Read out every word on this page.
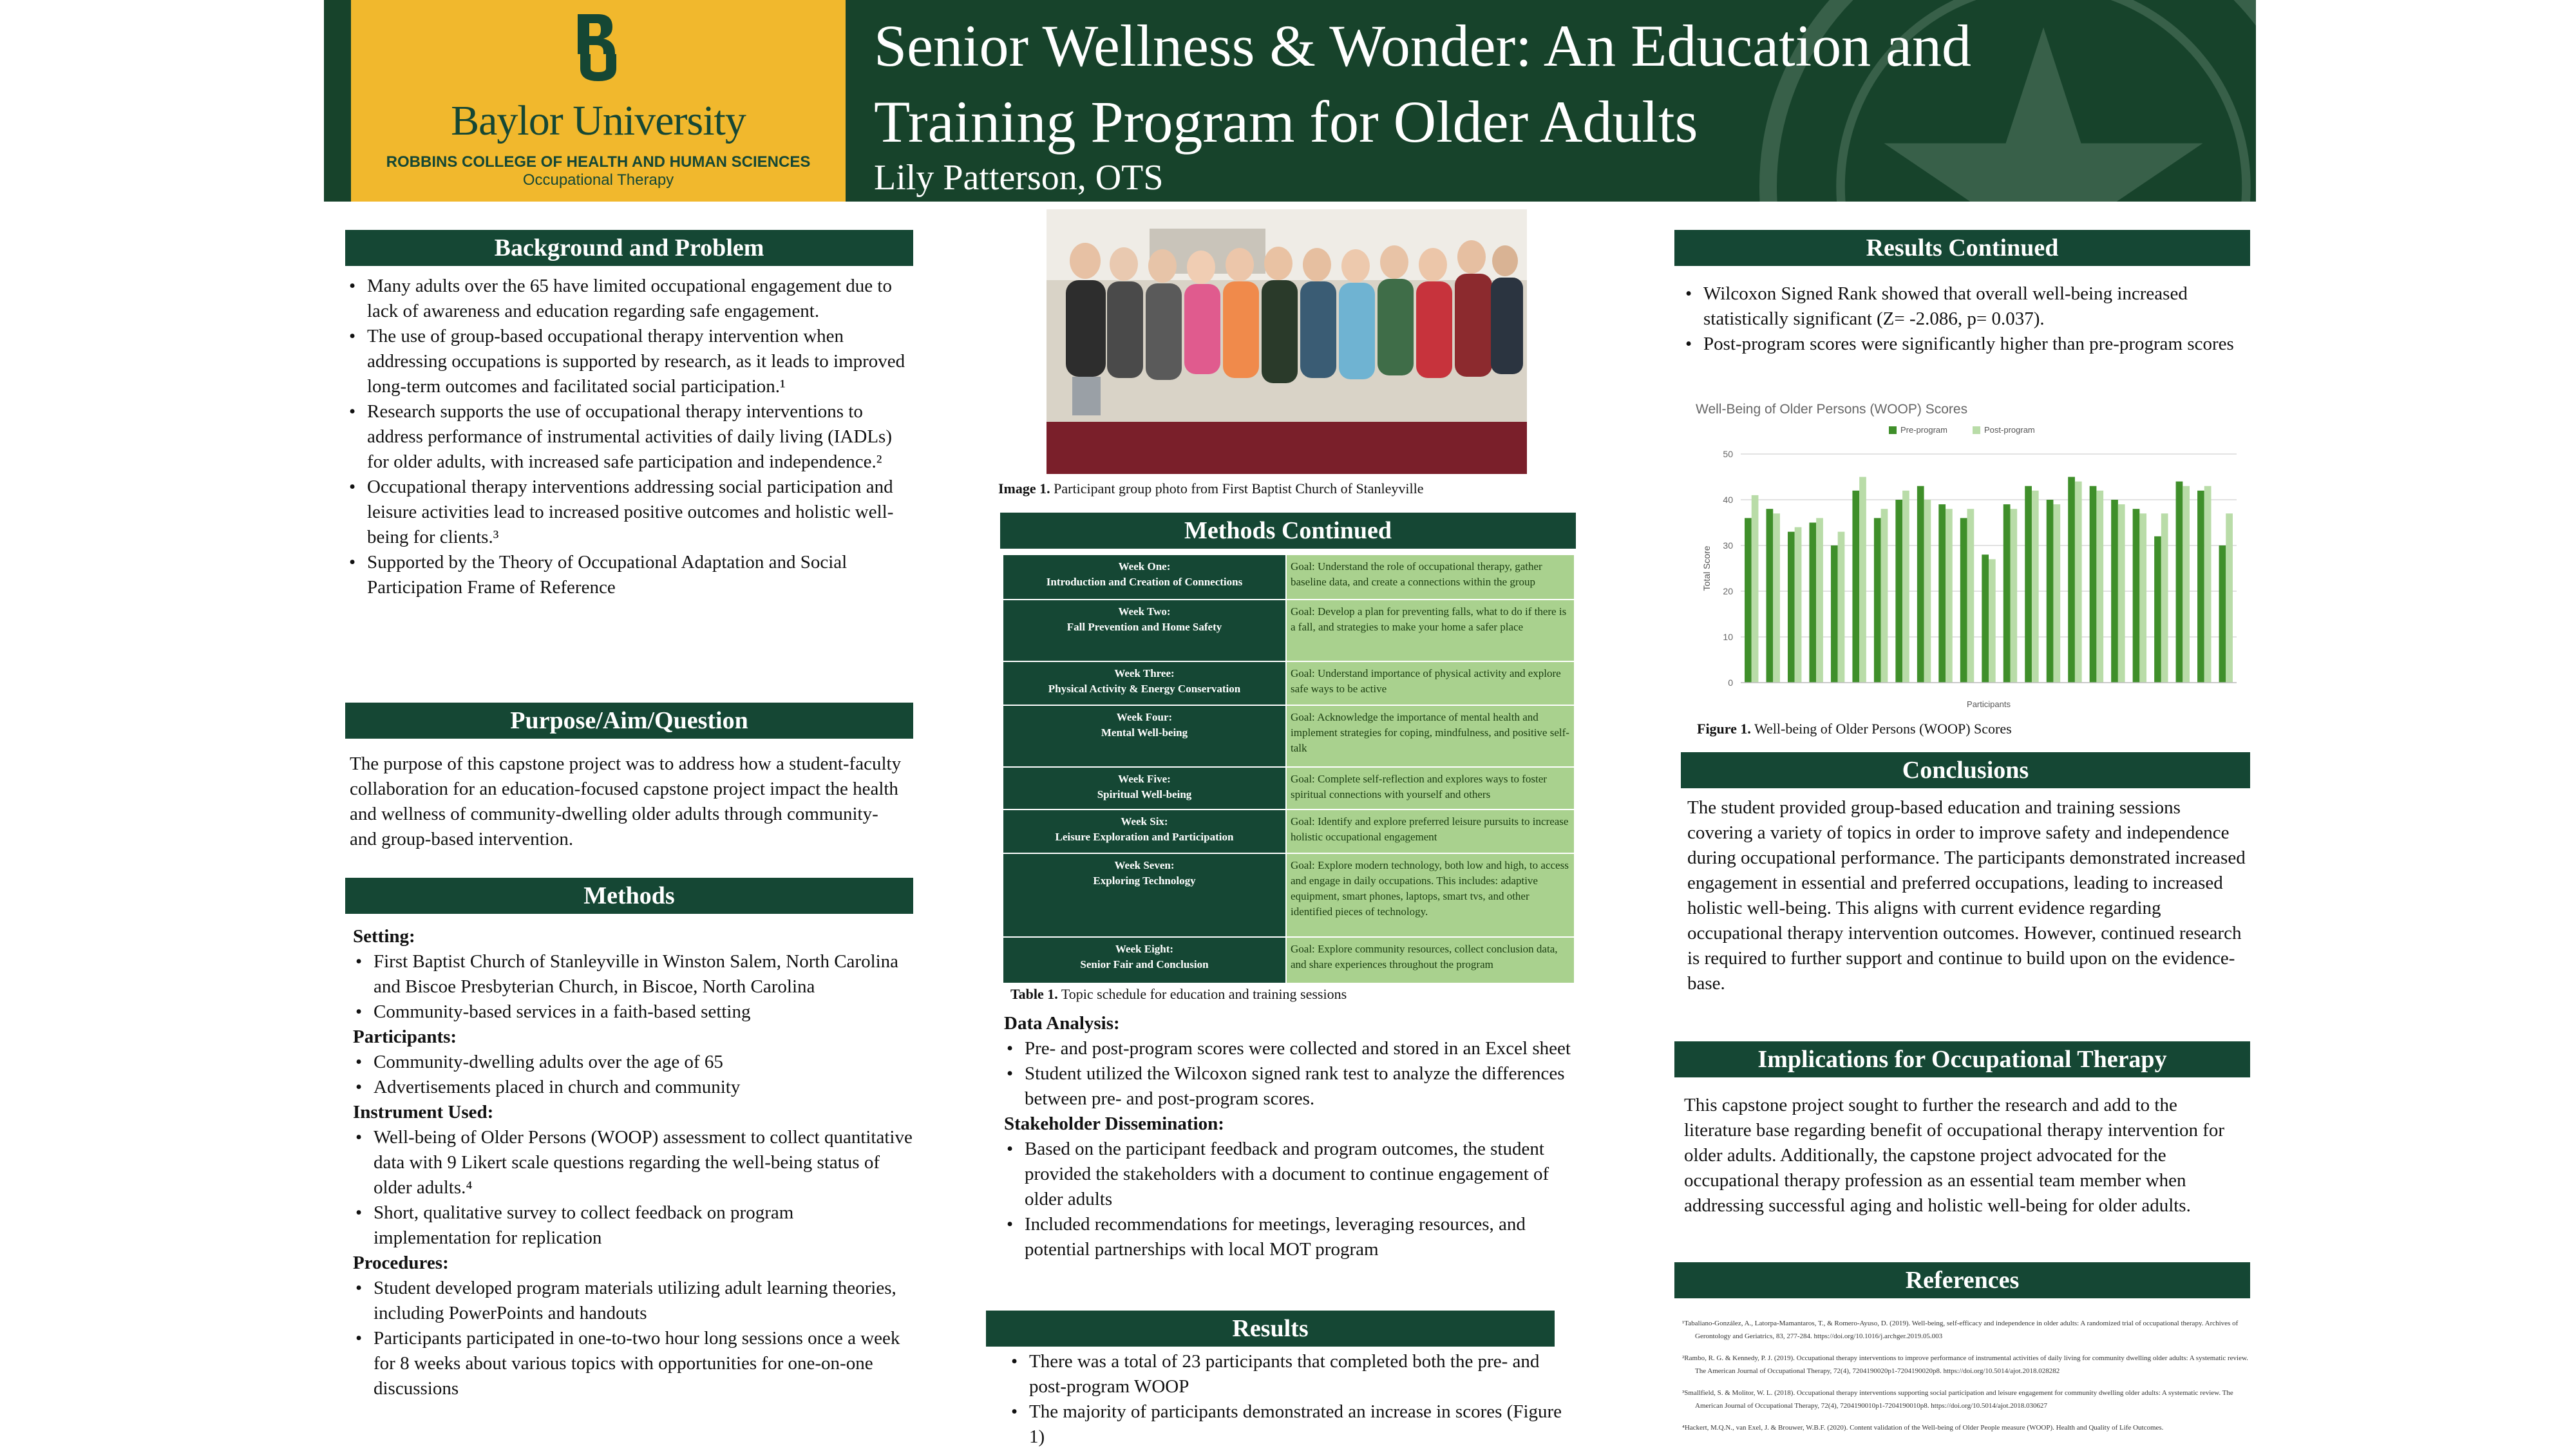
Baylor University
ROBBINS COLLEGE OF HEALTH AND HUMAN SCIENCES
Occupational Therapy
Senior Wellness & Wonder: An Education and
Training Program for Older Adults
Lily Patterson, OTS
Background and Problem
• Many adults over the 65 have limited occupational engagement due to lack of awareness and education regarding safe engagement.
• The use of group-based occupational therapy intervention when addressing occupations is supported by research, as it leads to improved long-term outcomes and facilitated social participation.¹
• Research supports the use of occupational therapy interventions to address performance of instrumental activities of daily living (IADLs) for older adults, with increased safe participation and independence.²
• Occupational therapy interventions addressing social participation and leisure activities lead to increased positive outcomes and holistic well-being for clients.³
• Supported by the Theory of Occupational Adaptation and Social Participation Frame of Reference
Purpose/Aim/Question
The purpose of this capstone project was to address how a student-faculty collaboration for an education-focused capstone project impact the health and wellness of community-dwelling older adults through community- and group-based intervention.
Methods
Setting:
• First Baptist Church of Stanleyville in Winston Salem, North Carolina and Biscoe Presbyterian Church, in Biscoe, North Carolina
• Community-based services in a faith-based setting
Participants:
• Community-dwelling adults over the age of 65
• Advertisements placed in church and community
Instrument Used:
• Well-being of Older Persons (WOOP) assessment to collect quantitative data with 9 Likert scale questions regarding the well-being status of older adults.⁴
• Short, qualitative survey to collect feedback on program implementation for replication
Procedures:
• Student developed program materials utilizing adult learning theories, including PowerPoints and handouts
• Participants participated in one-to-two hour long sessions once a week for 8 weeks about various topics with opportunities for one-on-one discussions
Image 1. Participant group photo from First Baptist Church of Stanleyville
Methods Continued
Week One:
Introduction and Creation of Connections	Goal: Understand the role of occupational therapy, gather baseline data, and create a connections within the group

Week Two:
Fall Prevention and Home Safety	Goal: Develop a plan for preventing falls, what to do if there is a fall, and strategies to make your home a safer place

Week Three:
Physical Activity & Energy Conservation	Goal: Understand importance of physical activity and explore safe ways to be active

Week Four:
Mental Well-being	Goal: Acknowledge the importance of mental health and implement strategies for coping, mindfulness, and positive self-talk

Week Five:
Spiritual Well-being	Goal: Complete self-reflection and explores ways to foster spiritual connections with yourself and others

Week Six:
Leisure Exploration and Participation	Goal: Identify and explore preferred leisure pursuits to increase holistic occupational engagement

Week Seven:
Exploring Technology	Goal: Explore modern technology, both low and high, to access and engage in daily occupations. This includes: adaptive equipment, smart phones, laptops, smart tvs, and other identified pieces of technology.

Week Eight:
Senior Fair and Conclusion	Goal: Explore community resources, collect conclusion data, and share experiences throughout the program
Table 1. Topic schedule for education and training sessions
Data Analysis:
• Pre- and post-program scores were collected and stored in an Excel sheet
• Student utilized the Wilcoxon signed rank test to analyze the differences between pre- and post-program scores.
Stakeholder Dissemination:
• Based on the participant feedback and program outcomes, the student provided the stakeholders with a document to continue engagement of older adults
• Included recommendations for meetings, leveraging resources, and potential partnerships with local MOT program
Results
• There was a total of 23 participants that completed both the pre- and post-program WOOP
• The majority of participants demonstrated an increase in scores (Figure 1)
Results Continued
• Wilcoxon Signed Rank showed that overall well-being increased statistically significant (Z= -2.086, p= 0.037).
• Post-program scores were significantly higher than pre-program scores
Well-Being of Older Persons (WOOP) Scores
Pre-program	Post-program
0
10
20
30
40
50
Total Score
Participants
Figure 1. Well-being of Older Persons (WOOP) Scores
Conclusions
The student provided group-based education and training sessions covering a variety of topics in order to improve safety and independence during occupational performance. The participants demonstrated increased engagement in essential and preferred occupations, leading to increased holistic well-being. This aligns with current evidence regarding occupational therapy intervention outcomes. However, continued research is required to further support and continue to build upon on the evidence-base.
Implications for Occupational Therapy
This capstone project sought to further the research and add to the literature base regarding benefit of occupational therapy intervention for older adults. Additionally, the capstone project advocated for the occupational therapy profession as an essential team member when addressing successful aging and holistic well-being for older adults.
References

¹Tabaliano-González, A., Latorpa-Mamantaros, T., & Romero-Ayuso, D. (2019). Well-being, self-efficacy and independence in older adults: A randomized trial of occupational therapy. Archives of Gerontology and Geriatrics, 83, 277-284. https://doi.org/10.1016/j.archger.2019.05.003

²Rambo, R. G. & Kennedy, P. J. (2019). Occupational therapy interventions to improve performance of instrumental activities of daily living for community dwelling older adults: A systematic review. The American Journal of Occupational Therapy, 72(4), 7204190020p1-7204190020p8. https://doi.org/10.5014/ajot.2018.028282

³Smallfield, S. & Molitor, W. L. (2018). Occupational therapy interventions supporting social participation and leisure engagement for community dwelling older adults: A systematic review. The American Journal of Occupational Therapy, 72(4), 7204190010p1-7204190010p8. https://doi.org/10.5014/ajot.2018.030627

⁴Hackert, M.Q.N., van Exel, J. & Brouwer, W.B.F. (2020). Content validation of the Well-being of Older People measure (WOOP). Health and Quality of Life Outcomes.
